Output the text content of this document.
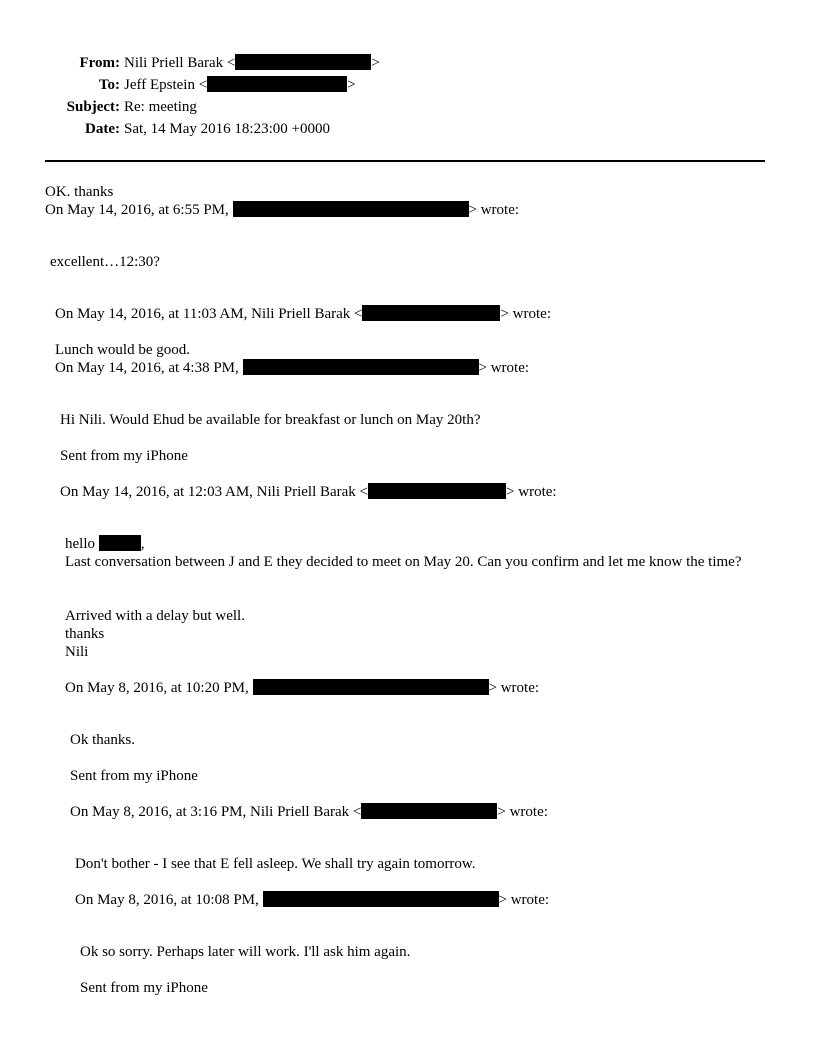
From: Nili Priell Barak <	>
To: Jeff Epstein <	>
Subject: Re: meeting
Date: Sat, 14 May 2016 18:23:00 +0000
OK. thanks
On May 14, 2016, at 6:55 PM,	> wrote:
excellent…12:30?
On May 14, 2016, at 11:03 AM, Nili Priell Barak <	> wrote:
Lunch would be good.
On May 14, 2016, at 4:38 PM,	> wrote:
Hi Nili. Would Ehud be available for breakfast or lunch on May 20th?
Sent from my iPhone
On May 14, 2016, at 12:03 AM, Nili Priell Barak <	> wrote:
hello	,
Last conversation between J and E they decided to meet on May 20. Can you confirm and let me know the time?
Arrived with a delay but well.
thanks
Nili
On May 8, 2016, at 10:20 PM,	> wrote:
Ok thanks.
Sent from my iPhone
On May 8, 2016, at 3:16 PM, Nili Priell Barak <	> wrote:
Don't bother - I see that E fell asleep. We shall try again tomorrow.
On May 8, 2016, at 10:08 PM,	> wrote:
Ok so sorry. Perhaps later will work. I'll ask him again.
Sent from my iPhone
